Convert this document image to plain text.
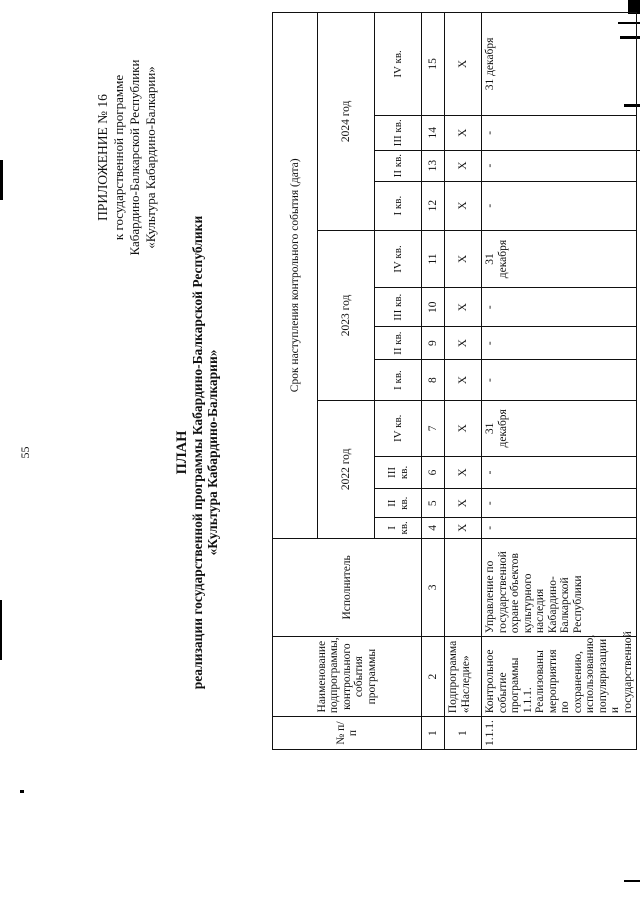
55
ПРИЛОЖЕНИЕ № 16 к государственной программе Кабардино-Балкарской Республики «Культура Кабардино-Балкарии»
ПЛАН реализации государственной программы Кабардино-Балкарской Республики «Культура Кабардино-Балкарии»
№ п/п	Наименование подпрограммы, контрольного события программы	Исполнитель	Срок наступления контрольного события (дата)											
			2022 год				2023 год				2024 год			
			I кв.	II кв.	III кв.	IV кв.	I кв.	II кв.	III кв.	IV кв.	I кв.	II кв.	III кв.	IV кв.
1	2	3	4	5	6	7	8	9	10	11	12	13	14	15
1	Подпрограмма «Наследие»		X	X	X	X	X	X	X	X	X	X	X	X
1.1.1.	Контрольное событие программы 1.1.1. Реализованы мероприятия по сохранению, использованию, популяризации и государственной	Управление по государственной охране объектов культурного наследия Кабардино-Балкарской Республики	-	-	-	31 декабря	-	-	-	31 декабря	-	-	-	31 декабря
